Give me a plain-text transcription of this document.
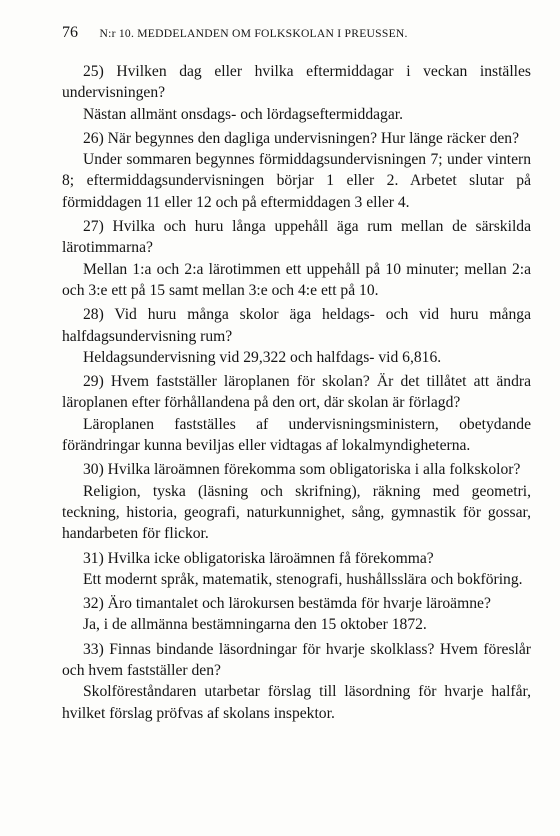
76 N:r 10. MEDDELANDEN OM FOLKSKOLAN I PREUSSEN.

25) Hvilken dag eller hvilka eftermiddagar i veckan inställes undervisningen?

Nästan allmänt onsdags- och lördagseftermiddagar.

26) När begynnes den dagliga undervisningen? Hur länge räcker den?

Under sommaren begynnes förmiddagsundervisningen 7; under vintern 8; eftermiddagsundervisningen börjar 1 eller 2. Arbetet slutar på förmiddagen 11 eller 12 och på eftermiddagen 3 eller 4.

27) Hvilka och huru långa uppehåll äga rum mellan de särskilda lärotimmarna?

Mellan 1:a och 2:a lärotimmen ett uppehåll på 10 minuter; mellan 2:a och 3:e ett på 15 samt mellan 3:e och 4:e ett på 10.

28) Vid huru många skolor äga heldags- och vid huru många halfdagsundervisning rum?

Heldagsundervisning vid 29,322 och halfdags- vid 6,816.

29) Hvem fastställer läroplanen för skolan? Är det tillåtet att ändra läroplanen efter förhållandena på den ort, där skolan är förlagd?

Läroplanen fastställes af undervisningsministern, obetydande förändringar kunna beviljas eller vidtagas af lokalmyndigheterna.

30) Hvilka läroämnen förekomma som obligatoriska i alla folkskolor?

Religion, tyska (läsning och skrifning), räkning med geometri, teckning, historia, geografi, naturkunnighet, sång, gymnastik för gossar, handarbeten för flickor.

31) Hvilka icke obligatoriska läroämnen få förekomma?

Ett modernt språk, matematik, stenografi, hushållsslära och bokföring.

32) Äro timantalet och lärokursen bestämda för hvarje läroämne?

Ja, i de allmänna bestämningarna den 15 oktober 1872.

33) Finnas bindande läsordningar för hvarje skolklass? Hvem föreslår och hvem fastställer den?

Skolföreståndaren utarbetar förslag till läsordning för hvarje halfår, hvilket förslag pröfvas af skolans inspektor.
